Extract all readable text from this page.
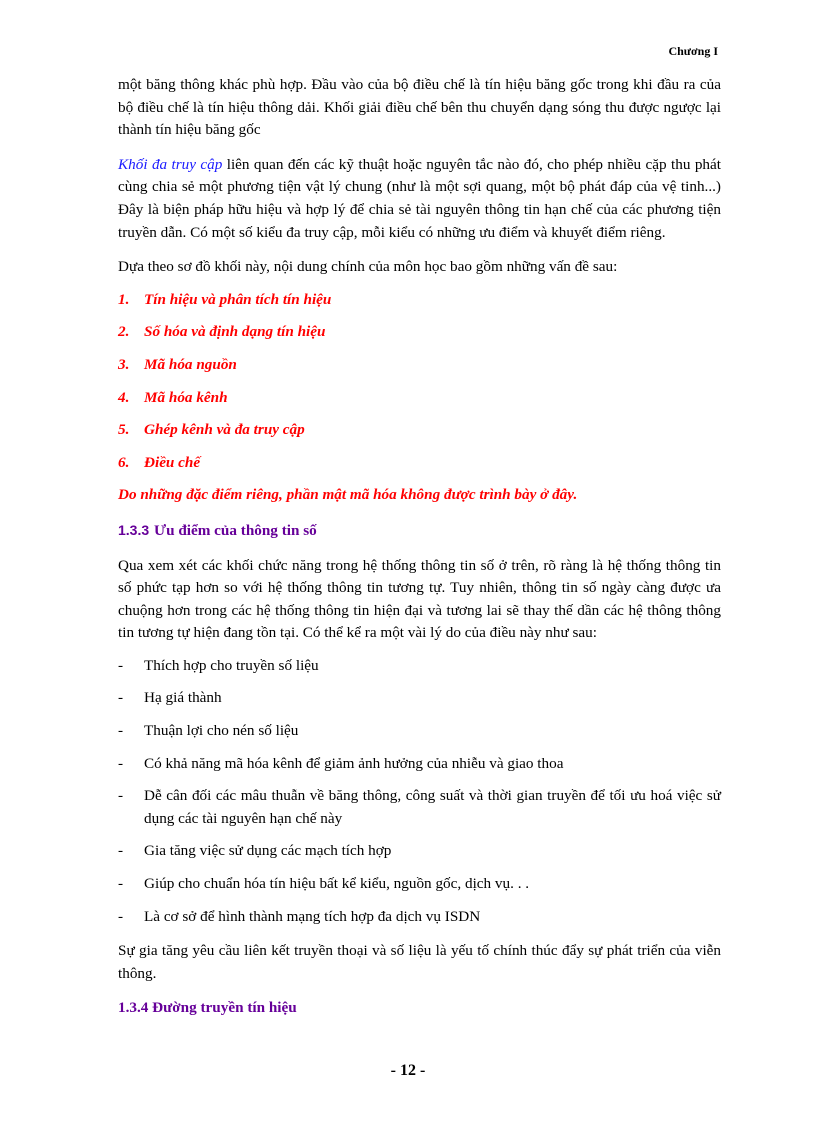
Chương I

một băng thông khác phù hợp. Đầu vào của bộ điều chế là tín hiệu băng gốc trong khi đầu ra của bộ điều chế là tín hiệu thông dải. Khối giải điều chế bên thu chuyển dạng sóng thu được ngược lại thành tín hiệu băng gốc

Khối đa truy cập liên quan đến các kỹ thuật hoặc nguyên tắc nào đó, cho phép nhiều cặp thu phát cùng chia sẻ một phương tiện vật lý chung (như là một sợi quang, một bộ phát đáp của vệ tinh...) Đây là biện pháp hữu hiệu và hợp lý để chia sẻ tài nguyên thông tin hạn chế của các phương tiện truyền dẫn. Có một số kiểu đa truy cập, mỗi kiểu có những ưu điểm và khuyết điểm riêng.

Dựa theo sơ đồ khối này, nội dung chính của môn học bao gồm những vấn đề sau:

1. Tín hiệu và phân tích tín hiệu

2. Số hóa và định dạng tín hiệu

3. Mã hóa nguồn

4. Mã hóa kênh

5. Ghép kênh và đa truy cập

6. Điều chế

Do những đặc điểm riêng, phần mật mã hóa không được trình bày ở đây.

1.3.3 Ưu điểm của thông tin số

Qua xem xét các khối chức năng trong hệ thống thông tin số ở trên, rõ ràng là hệ thống thông tin số phức tạp hơn so với hệ thống thông tin tương tự. Tuy nhiên, thông tin số ngày càng được ưa chuộng hơn trong các hệ thống thông tin hiện đại và tương lai sẽ thay thế dần các hệ thông thông tin tương tự hiện đang tồn tại. Có thể kể ra một vài lý do của điều này như sau:

- Thích hợp cho truyền số liệu

- Hạ giá thành

- Thuận lợi cho nén số liệu

- Có khả năng mã hóa kênh để giảm ảnh hưởng của nhiễu và giao thoa

- Dễ cân đối các mâu thuẫn về băng thông, công suất và thời gian truyền để tối ưu hoá việc sử dụng các tài nguyên hạn chế này

- Gia tăng việc sử dụng các mạch tích hợp

- Giúp cho chuẩn hóa tín hiệu bất kể kiểu, nguồn gốc, dịch vụ. . .

- Là cơ sở để hình thành mạng tích hợp đa dịch vụ ISDN

Sự gia tăng yêu cầu liên kết truyền thoại và số liệu là yếu tố chính thúc đẩy sự phát triển của viễn thông.

1.3.4 Đường truyền tín hiệu

- 12 -
